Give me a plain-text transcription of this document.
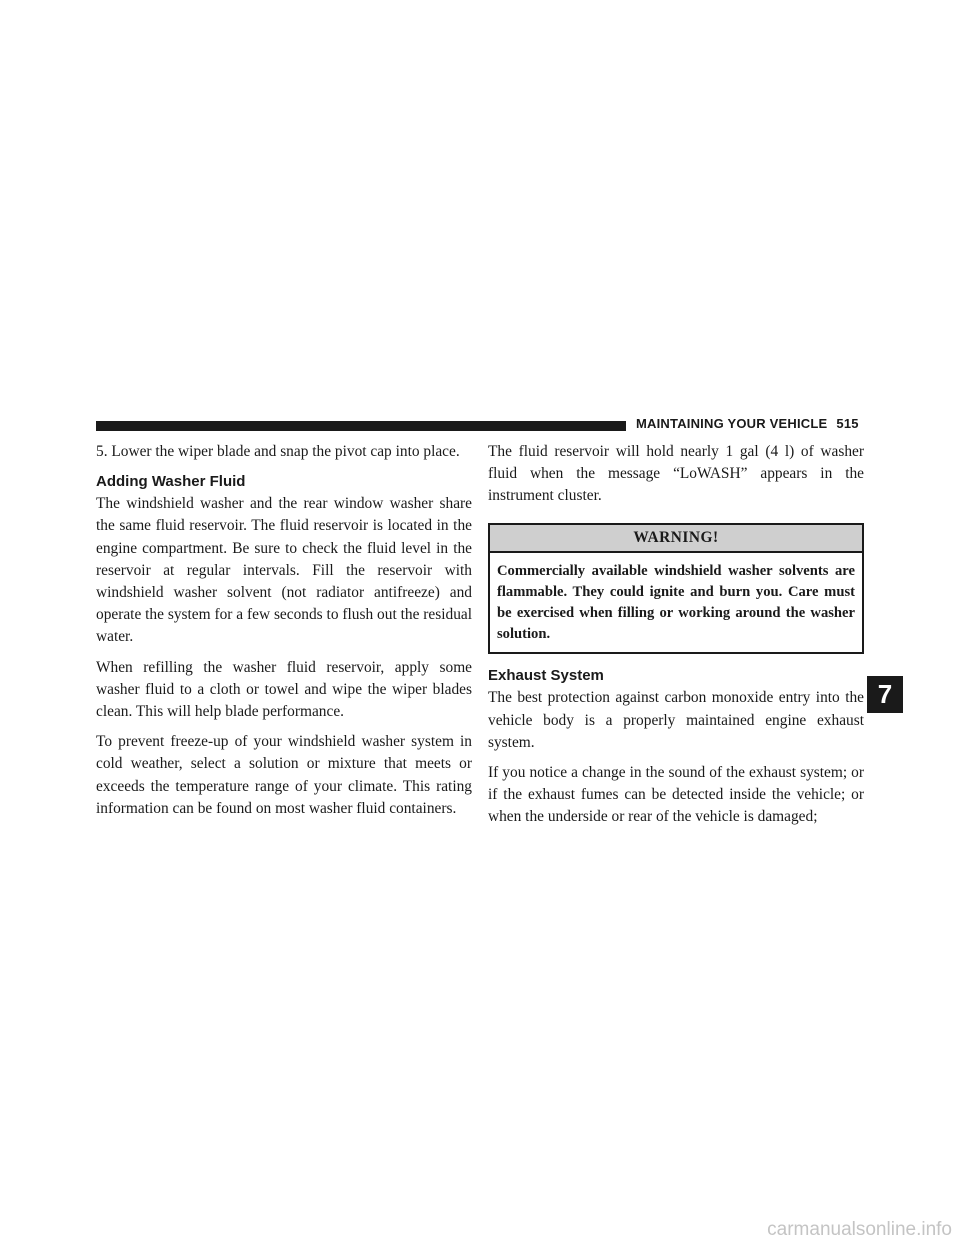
MAINTAINING YOUR VEHICLE 515

5. Lower the wiper blade and snap the pivot cap into place.

Adding Washer Fluid

The windshield washer and the rear window washer share the same fluid reservoir. The fluid reservoir is located in the engine compartment. Be sure to check the fluid level in the reservoir at regular intervals. Fill the reservoir with windshield washer solvent (not radiator antifreeze) and operate the system for a few seconds to flush out the residual water.

When refilling the washer fluid reservoir, apply some washer fluid to a cloth or towel and wipe the wiper blades clean. This will help blade performance.

To prevent freeze-up of your windshield washer system in cold weather, select a solution or mixture that meets or exceeds the temperature range of your climate. This rating information can be found on most washer fluid containers.

The fluid reservoir will hold nearly 1 gal (4 l) of washer fluid when the message “LoWASH” appears in the instrument cluster.

WARNING!
Commercially available windshield washer solvents are flammable. They could ignite and burn you. Care must be exercised when filling or working around the washer solution.
Exhaust System

The best protection against carbon monoxide entry into the vehicle body is a properly maintained engine exhaust system.

If you notice a change in the sound of the exhaust system; or if the exhaust fumes can be detected inside the vehicle; or when the underside or rear of the vehicle is damaged;

7
carmanualsonline.info
